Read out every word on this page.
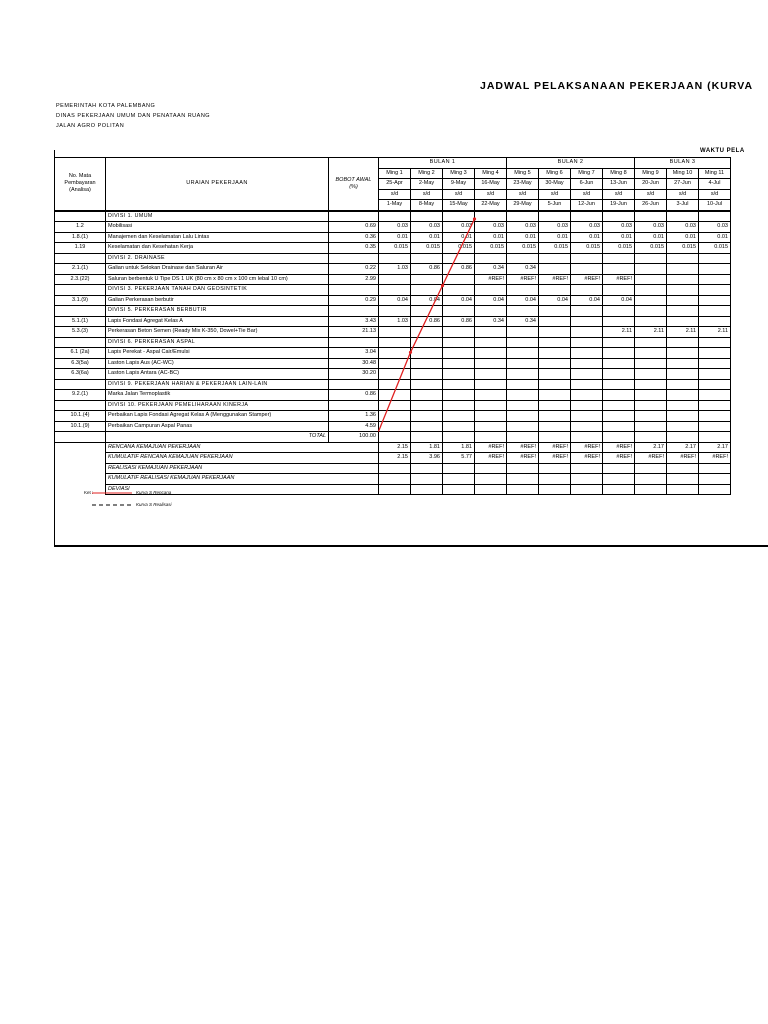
JADWAL PELAKSANAAN PEKERJAAN (KURVA
PEMERINTAH KOTA PALEMBANG
DINAS PEKERJAAN UMUM DAN PENATAAN RUANG
JALAN AGRO POLITAN
WAKTU PELA
No. Mata Pembayaran (Analisa)	URAIAN PEKERJAAN	BOBOT AWAL (%)	BULAN 1				BULAN 2				BULAN 3		
			Ming 1	Ming 2	Ming 3	Ming 4	Ming 5	Ming 6	Ming 7	Ming 8	Ming 9	Ming 10	Ming 11
			25-Apr	2-May	9-May	16-May	23-May	30-May	6-Jun	13-Jun	20-Jun	27-Jun	4-Jul
			s/d	s/d	s/d	s/d	s/d	s/d	s/d	s/d	s/d	s/d	s/d
			1-May	8-May	15-May	22-May	29-May	5-Jun	12-Jun	19-Jun	26-Jun	3-Jul	10-Jul
	DIVISI 1. UMUM												
1.2	Mobilisasi	0.69	0.03	0.03	0.03	0.03	0.03	0.03	0.03	0.03	0.03	0.03	0.03
1.8.(1)	Manajemen dan Keselamatan Lalu Lintas	0.36	0.01	0.01	0.01	0.01	0.01	0.01	0.01	0.01	0.01	0.01	0.01
1.19	Keselamatan dan Kesehatan Kerja	0.35	0.015	0.015	0.015	0.015	0.015	0.015	0.015	0.015	0.015	0.015	0.015
	DIVISI 2. DRAINASE												
2.1.(1)	Galian untuk Selokan Drainase dan Saluran Air	0.22	1.03	0.86	0.86	0.34	0.34						
2.3.(22)	Saluran berbentuk U Tipe DS 1 UK (80 cm x 80 cm x 100 cm lebal 10 cm)	2.99				#REF!	#REF!	#REF!	#REF!	#REF!			
	DIVISI 3. PEKERJAAN TANAH DAN GEOSINTETIK												
3.1.(9)	Galian Perkerasan berbutir	0.29	0.04	0.04	0.04	0.04	0.04	0.04	0.04	0.04			
	DIVISI 5. PERKERASAN BERBUTIR												
5.1.(1)	Lapis Fondasi Agregat Kelas A	3.43	1.03	0.86	0.86	0.34	0.34						
5.3.(3)	Perkerasan Beton Semen (Ready Mix K-350, Dowel+Tie Bar)	21.13								2.11	2.11	2.11	2.11
	DIVISI 6. PERKERASAN ASPAL												
6.1 (2a)	Lapis Perekat - Aspal Cair/Emulsi	3.04											
6.3(5a)	Laston Lapis Aus (AC-WC)	30.48											
6.3(6a)	Laston Lapis Antara (AC-BC)	30.20											
	DIVISI 9. PEKERJAAN HARIAN & PEKERJAAN LAIN-LAIN												
9.2.(1)	Marka Jalan Termoplastik	0.86											
	DIVISI 10. PEKERJAAN PEMELIHARAAN KINERJA												
10.1.(4)	Perbaikan Lapis Fondasi Agregat Kelas A (Menggunakan Stamper)	1.36											
10.1.(9)	Perbaikan Campuran Aspal Panas	4.59											
	TOTAL	100.00											
	RENCANA KEMAJUAN PEKERJAAN		2.15	1.81	1.81	#REF!	#REF!	#REF!	#REF!	#REF!	2.17	2.17	2.17
	KUMULATIF RENCANA KEMAJUAN PEKERJAAN		2.15	3.96	5.77	#REF!	#REF!	#REF!	#REF!	#REF!	#REF!	#REF!	#REF!
	REALISASI KEMAJUAN PEKERJAAN												
	KUMULATIF REALISASI KEMAJUAN PEKERJAAN												
	DEVIASI												
Ket :	Kurva S Rencana
Kurva S Realisasi
